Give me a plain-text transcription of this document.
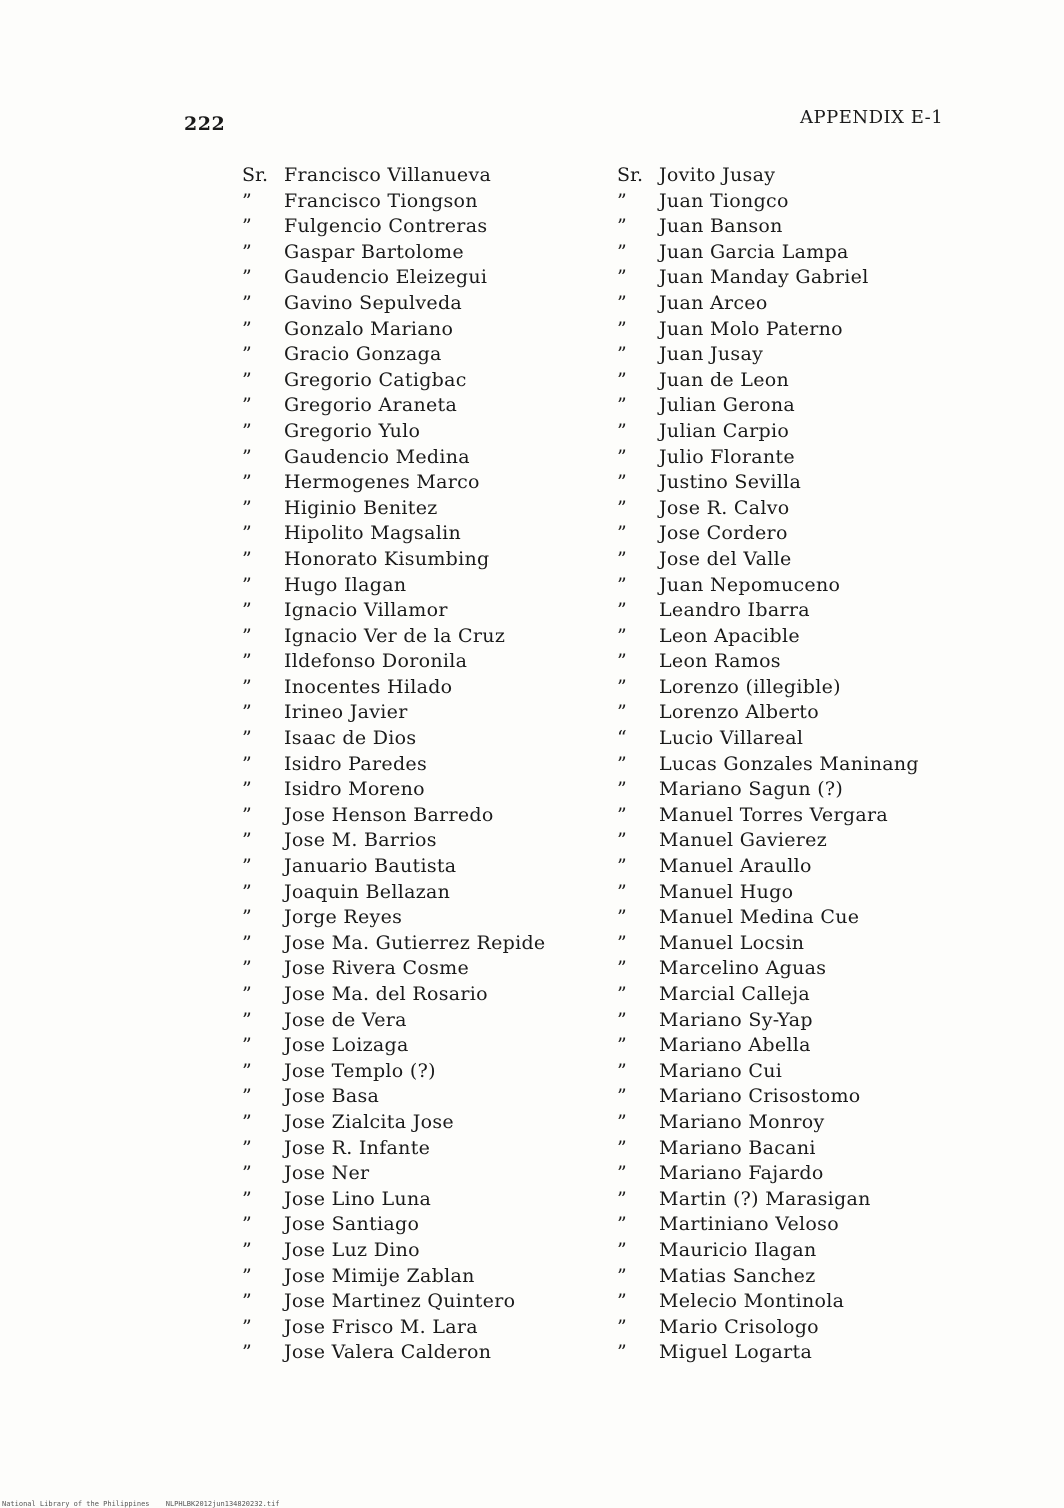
222	APPENDIX E-1
Sr. Francisco Villanueva
”	Francisco Tiongson
”	Fulgencio Contreras
”	Gaspar Bartolome
”	Gaudencio Eleizegui
”	Gavino Sepulveda
”	Gonzalo Mariano
”	Gracio Gonzaga
”	Gregorio Catigbac
”	Gregorio Araneta
”	Gregorio Yulo
”	Gaudencio Medina
”	Hermogenes Marco
”	Higinio Benitez
”	Hipolito Magsalin
”	Honorato Kisumbing
”	Hugo Ilagan
”	Ignacio Villamor
”	Ignacio Ver de la Cruz
”	Ildefonso Doronila
”	Inocentes Hilado
”	Irineo Javier
”	Isaac de Dios
”	Isidro Paredes
”	Isidro Moreno
”	Jose Henson Barredo
”	Jose M. Barrios
”	Januario Bautista
”	Joaquin Bellazan
”	Jorge Reyes
”	Jose Ma. Gutierrez Repide
”	Jose Rivera Cosme
”	Jose Ma. del Rosario
”	Jose de Vera
”	Jose Loizaga
”	Jose Templo (?)
”	Jose Basa
”	Jose Zialcita Jose
”	Jose R. Infante
”	Jose Ner
”	Jose Lino Luna
”	Jose Santiago
”	Jose Luz Dino
”	Jose Mimije Zablan
”	Jose Martinez Quintero
”	Jose Frisco M. Lara
”	Jose Valera Calderon
Sr. Jovito Jusay
”	Juan Tiongco
”	Juan Banson
”	Juan Garcia Lampa
”	Juan Manday Gabriel
”	Juan Arceo
”	Juan Molo Paterno
”	Juan Jusay
”	Juan de Leon
”	Julian Gerona
”	Julian Carpio
”	Julio Florante
”	Justino Sevilla
”	Jose R. Calvo
”	Jose Cordero
”	Jose del Valle
”	Juan Nepomuceno
”	Leandro Ibarra
”	Leon Apacible
”	Leon Ramos
”	Lorenzo (illegible)
”	Lorenzo Alberto
“	Lucio Villareal
”	Lucas Gonzales Maninang
”	Mariano Sagun (?)
”	Manuel Torres Vergara
”	Manuel Gavierez
”	Manuel Araullo
”	Manuel Hugo
”	Manuel Medina Cue
”	Manuel Locsin
”	Marcelino Aguas
”	Marcial Calleja
”	Mariano Sy-Yap
”	Mariano Abella
”	Mariano Cui
”	Mariano Crisostomo
”	Mariano Monroy
”	Mariano Bacani
”	Mariano Fajardo
”	Martin (?) Marasigan
”	Martiniano Veloso
”	Mauricio Ilagan
”	Matias Sanchez
”	Melecio Montinola
”	Mario Crisologo
”	Miguel Logarta
National Library of the Philippines NLPHLBK2012jun134820232.tif
